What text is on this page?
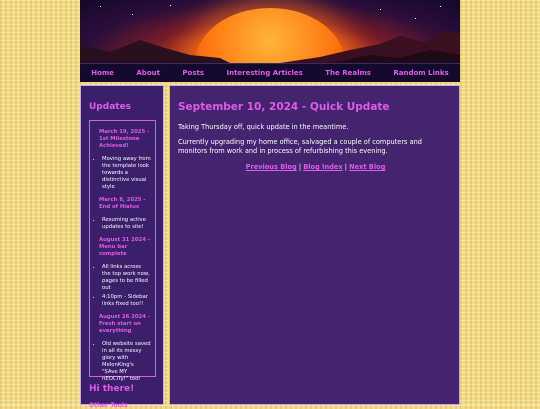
Home	About	Posts	Interesting Articles	The Realms	Random Links
Updates
March 19, 2025 - 1st Milestone Achieved!
• Moving away from the template look towards a distinctive visual style
March 8, 2025 - End of Hiatus
• Resuming active updates to site!
August 31 2024 - Menu bar complete
• All links across the top work now, pages to be filled out
• 4:10pm - Sidebar links fixed too!!
August 26 2024 - Fresh start on everything
• Old website saved in all its messy glory with MelonKing's "SAve MY nEOCiTy!" tool
Hi there!
Other Tools
September 10, 2024 - Quick Update

Taking Thursday off, quick update in the meantime.

Currently upgrading my home office, salvaged a couple of computers and monitors from work and in process of refurbishing this evening.

Previous Blog | Blog Index | Next Blog
